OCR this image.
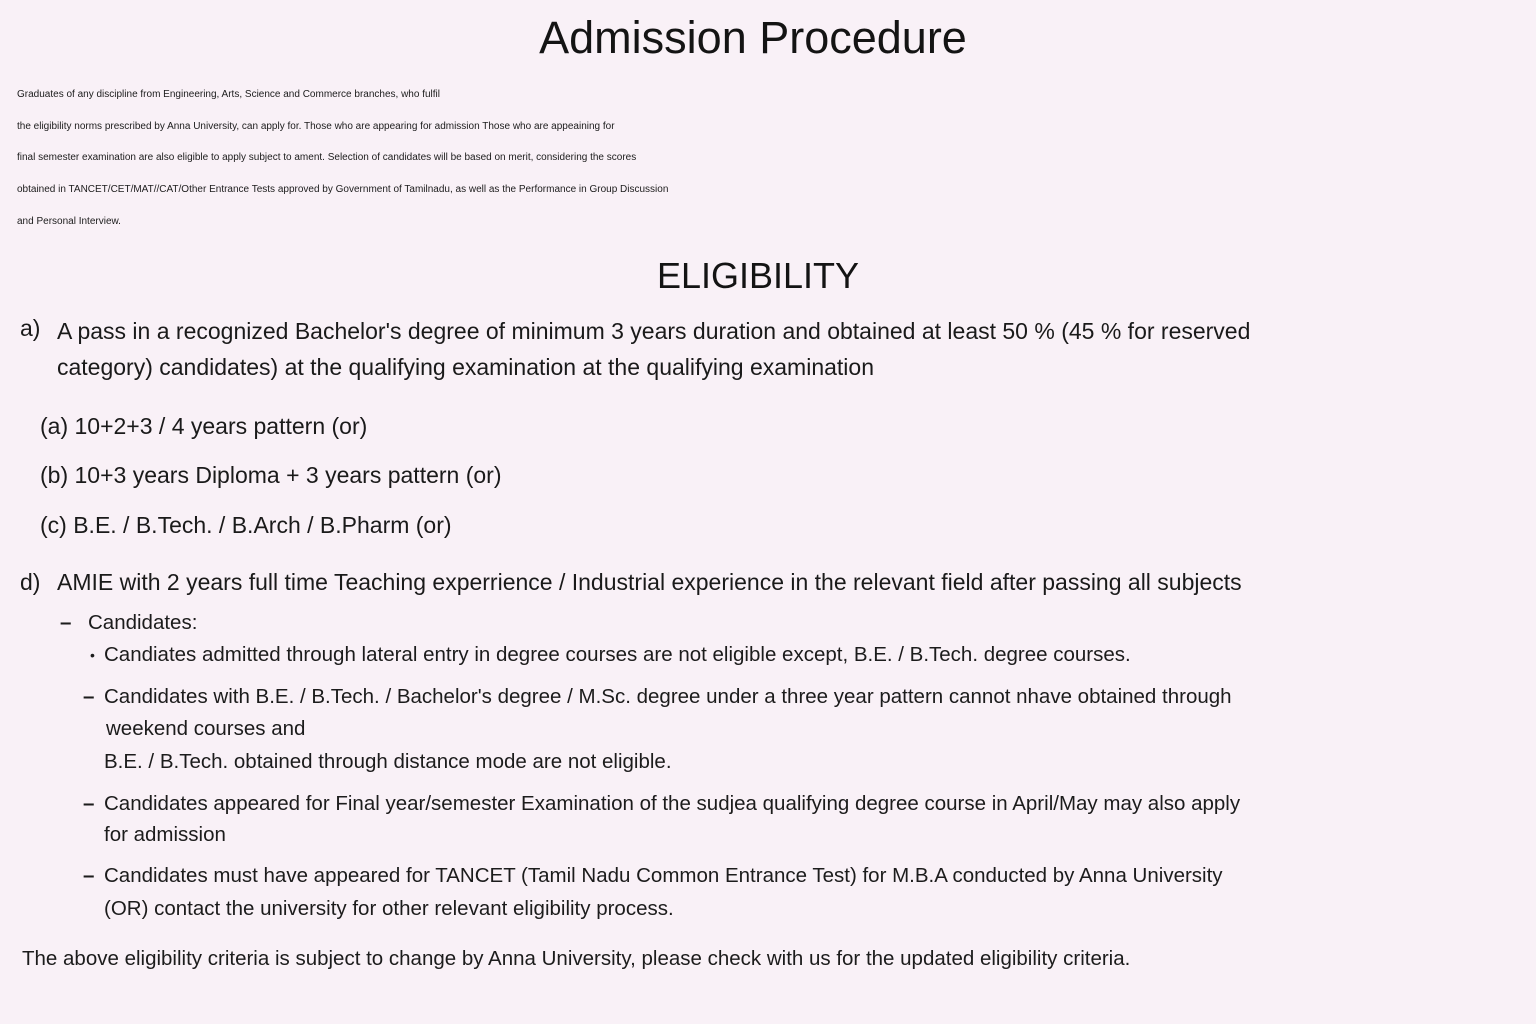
Admission Procedure
Graduates of any discipline from Engineering, Arts, Science and Commerce branches, who fulfil
the eligibility norms prescribed by Anna University, can apply for. Those who are appearing for admission Those who are appeaining for
final semester examination are also eligible to apply subject to ament. Selection of candidates will be based on merit, considering the scores
obtained in TANCET/CET/MAT//CAT/Other Entrance Tests approved by Government of Tamilnadu, as well as the Performance in Group Discussion
and Personal Interview.
ELIGIBILITY
a) A pass in a recognized Bachelor's degree of minimum 3 years duration and obtained at least 50 % (45 % for reserved
category) candidates) at the qualifying examination at the qualifying examination
(a) 10+2+3 / 4 years pattern (or)
(b) 10+3 years Diploma + 3 years pattern (or)
(c) B.E. / B.Tech. / B.Arch / B.Pharm (or)
d) AMIE with 2 years full time Teaching experrience / Industrial experience in the relevant field after passing all subjects
– Candidates:
• Candiates admitted through lateral entry in degree courses are not eligible except, B.E. / B.Tech. degree courses.
– Candidates with B.E. / B.Tech. / Bachelor's degree / M.Sc. degree under a three year pattern cannot nhave obtained through
weekend courses and
B.E. / B.Tech. obtained through distance mode are not eligible.
– Candidates appeared for Final year/semester Examination of the sudjea qualifying degree course in April/May may also apply
for admission
– Candidates must have appeared for TANCET (Tamil Nadu Common Entrance Test) for M.B.A conducted by Anna University
(OR) contact the university for other relevant eligibility process.
The above eligibility criteria is subject to change by Anna University, please check with us for the updated eligibility criteria.
